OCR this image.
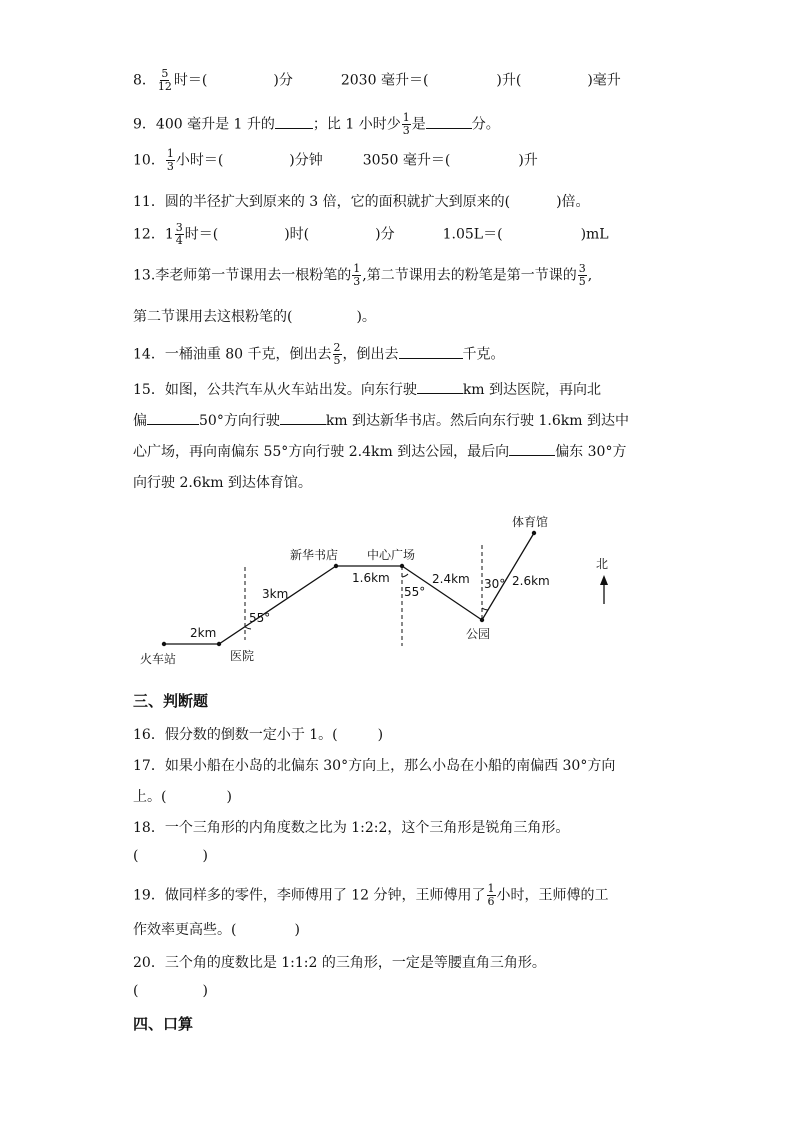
8． $\frac{5}{12}$ 时＝(	)分	2030 毫升＝(	)升(	)毫升
9．400 毫升是 1 升的	；比 1 小时少 $\frac{1}{3}$ 是	分。
10． $\frac{1}{3}$ 小时＝(	)分钟	3050 毫升＝(	)升
11．圆的半径扩大到原来的 3 倍，它的面积就扩大到原来的(	)倍。
12．$1 \frac{3}{4}$ 时＝(	)时(	)分	1.05L＝(	)mL
13.李老师第一节课用去一根粉笔的 $\frac{1}{3}$ ,第二节课用去的粉笔是第一节课的 $\frac{3}{5}$ ,
第二节课用去这根粉笔的(	)。
14．一桶油重 80 千克，倒出去 $\frac{2}{5}$ ，倒出去	千克。
15．如图，公共汽车从火车站出发。向东行驶	km 到达医院，再向北
偏	50°方向行驶	km 到达新华书店。然后向东行驶 1.6km 到达中
心广场，再向南偏东 55°方向行驶 2.4km 到达公园，最后向	偏东 30°方
向行驶 2.6km 到达体育馆。
火车站	医院
新华书店 中心广场
公园
体育馆
北
2km
3km
1.6km	2.4km	2.6km
55°
55°
30°
三、判断题
16．假分数的倒数一定小于 1。(	)
17．如果小船在小岛的北偏东 30°方向上，那么小岛在小船的南偏西 30°方向
上。(	)
18．一个三角形的内角度数之比为 1:2:2，这个三角形是锐角三角形。
(	)
19．做同样多的零件，李师傅用了 12 分钟，王师傅用了 $\frac{1}{6}$ 小时，王师傅的工
作效率更高些。(	)
20．三个角的度数比是 1:1:2 的三角形，一定是等腰直角三角形。
(	)
四、口算
